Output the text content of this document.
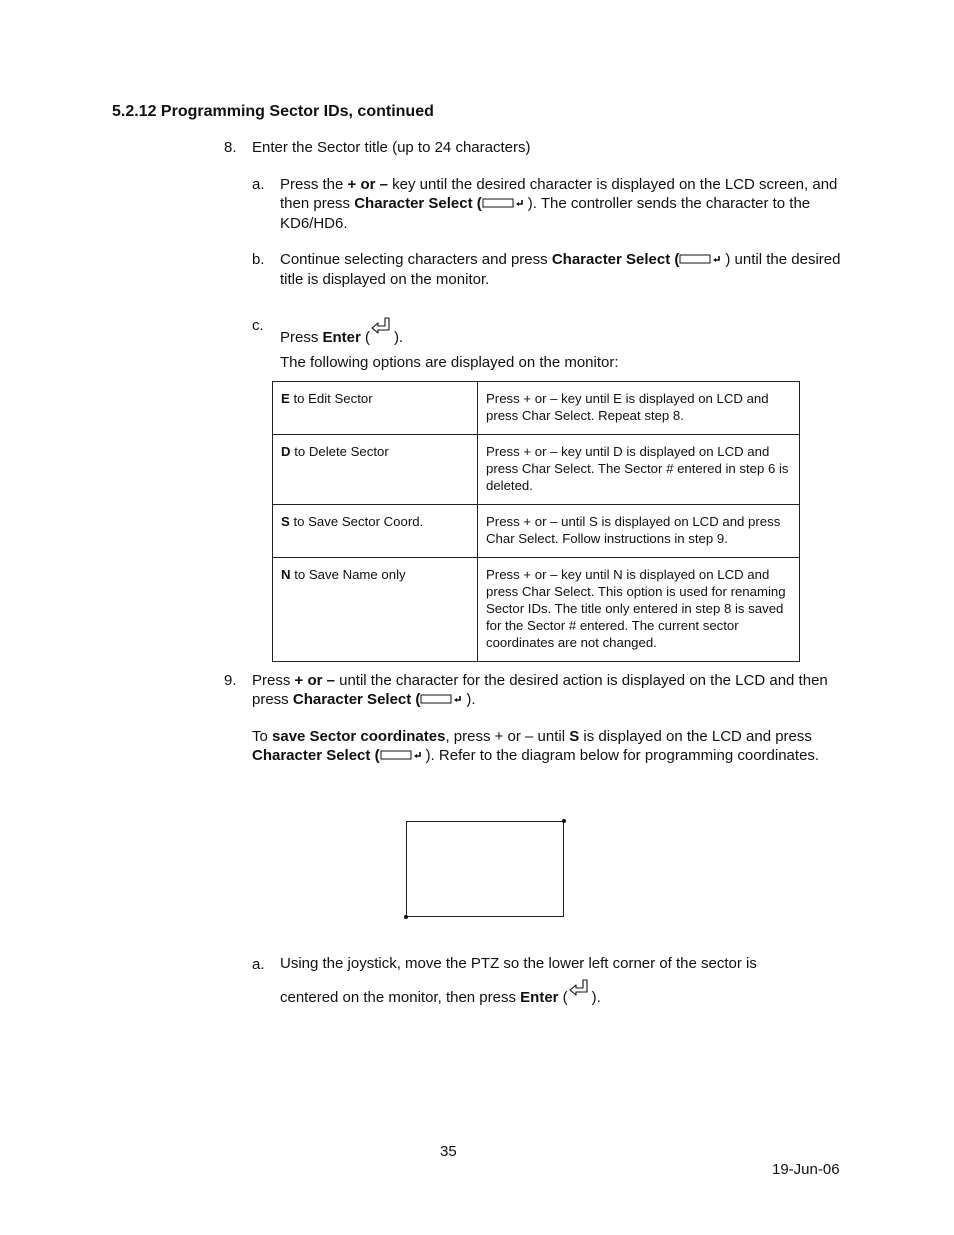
5.2.12 Programming Sector IDs, continued
8. Enter the Sector title (up to 24 characters)
a. Press the + or – key until the desired character is displayed on the LCD screen, and then press Character Select (	). The controller sends the character to the KD6/HD6.
b. Continue selecting characters and press Character Select (	) until the desired title is displayed on the monitor.
c.
Press Enter ( ).
The following options are displayed on the monitor:
E to Edit Sector	Press + or – key until E is displayed on LCD and press Char Select. Repeat step 8.
D to Delete Sector	Press + or – key until D is displayed on LCD and press Char Select. The Sector # entered in step 6 is deleted.
S to Save Sector Coord.	Press + or – until S is displayed on LCD and press Char Select. Follow instructions in step 9.
N to Save Name only	Press + or – key until N is displayed on LCD and press Char Select. This option is used for renaming Sector IDs. The title only entered in step 8 is saved for the Sector # entered. The current sector coordinates are not changed.
9. Press + or – until the character for the desired action is displayed on the LCD and then press Character Select (	).
To save Sector coordinates, press + or – until S is displayed on the LCD and press Character Select (	). Refer to the diagram below for programming coordinates.
a. Using the joystick, move the PTZ so the lower left corner of the sector is centered on the monitor, then press Enter ( ).
35
19-Jun-06
